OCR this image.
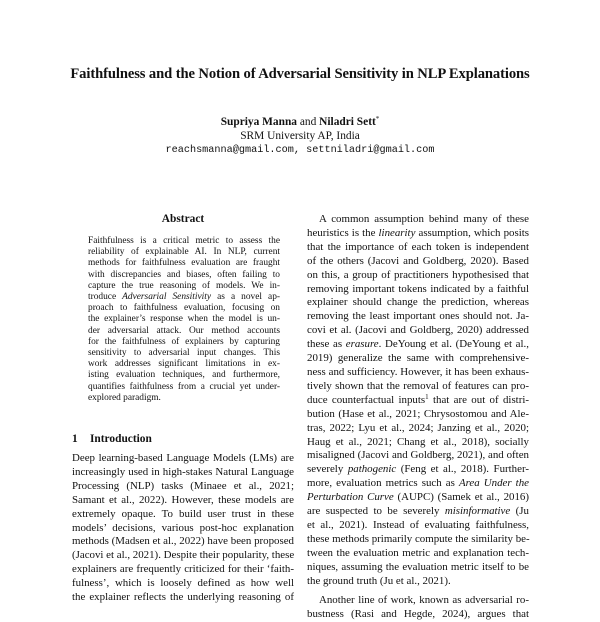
Faithfulness and the Notion of Adversarial Sensitivity in NLP Explanations
Supriya Manna and Niladri Sett*
SRM University AP, India
reachsmanna@gmail.com, settniladri@gmail.com
Abstract
Faithfulness is a critical metric to assess the
reliability of explainable AI. In NLP, current
methods for faithfulness evaluation are fraught
with discrepancies and biases, often failing to
capture the true reasoning of models. We in-
troduce Adversarial Sensitivity as a novel ap-
proach to faithfulness evaluation, focusing on
the explainer’s response when the model is un-
der adversarial attack. Our method accounts
for the faithfulness of explainers by capturing
sensitivity to adversarial input changes. This
work addresses significant limitations in ex-
isting evaluation techniques, and furthermore,
quantifies faithfulness from a crucial yet under-
explored paradigm.
1 Introduction
Deep learning-based Language Models (LMs) are
increasingly used in high-stakes Natural Language
Processing (NLP) tasks (Minaee et al., 2021;
Samant et al., 2022). However, these models are
extremely opaque. To build user trust in these
models’ decisions, various post-hoc explanation
methods (Madsen et al., 2022) have been proposed
(Jacovi et al., 2021). Despite their popularity, these
explainers are frequently criticized for their ‘faith-
fulness’, which is loosely defined as how well
the explainer reflects the underlying reasoning of
A common assumption behind many of these
heuristics is the linearity assumption, which posits
that the importance of each token is independent
of the others (Jacovi and Goldberg, 2020). Based
on this, a group of practitioners hypothesised that
removing important tokens indicated by a faithful
explainer should change the prediction, whereas
removing the least important ones should not. Ja-
covi et al. (Jacovi and Goldberg, 2020) addressed
these as erasure. DeYoung et al. (DeYoung et al.,
2019) generalize the same with comprehensive-
ness and sufficiency. However, it has been exhaus-
tively shown that the removal of features can pro-
duce counterfactual inputs$^1$ that are out of distri-
bution (Hase et al., 2021; Chrysostomou and Ale-
tras, 2022; Lyu et al., 2024; Janzing et al., 2020;
Haug et al., 2021; Chang et al., 2018), socially
misaligned (Jacovi and Goldberg, 2021), and often
severely pathogenic (Feng et al., 2018). Further-
more, evaluation metrics such as Area Under the
Perturbation Curve (AUPC) (Samek et al., 2016)
are suspected to be severely misinformative (Ju
et al., 2021). Instead of evaluating faithfulness,
these methods primarily compute the similarity be-
tween the evaluation metric and explanation tech-
niques, assuming the evaluation metric itself to be
the ground truth (Ju et al., 2021).
Another line of work, known as adversarial ro-
bustness (Rasi and Hegde, 2024), argues that
